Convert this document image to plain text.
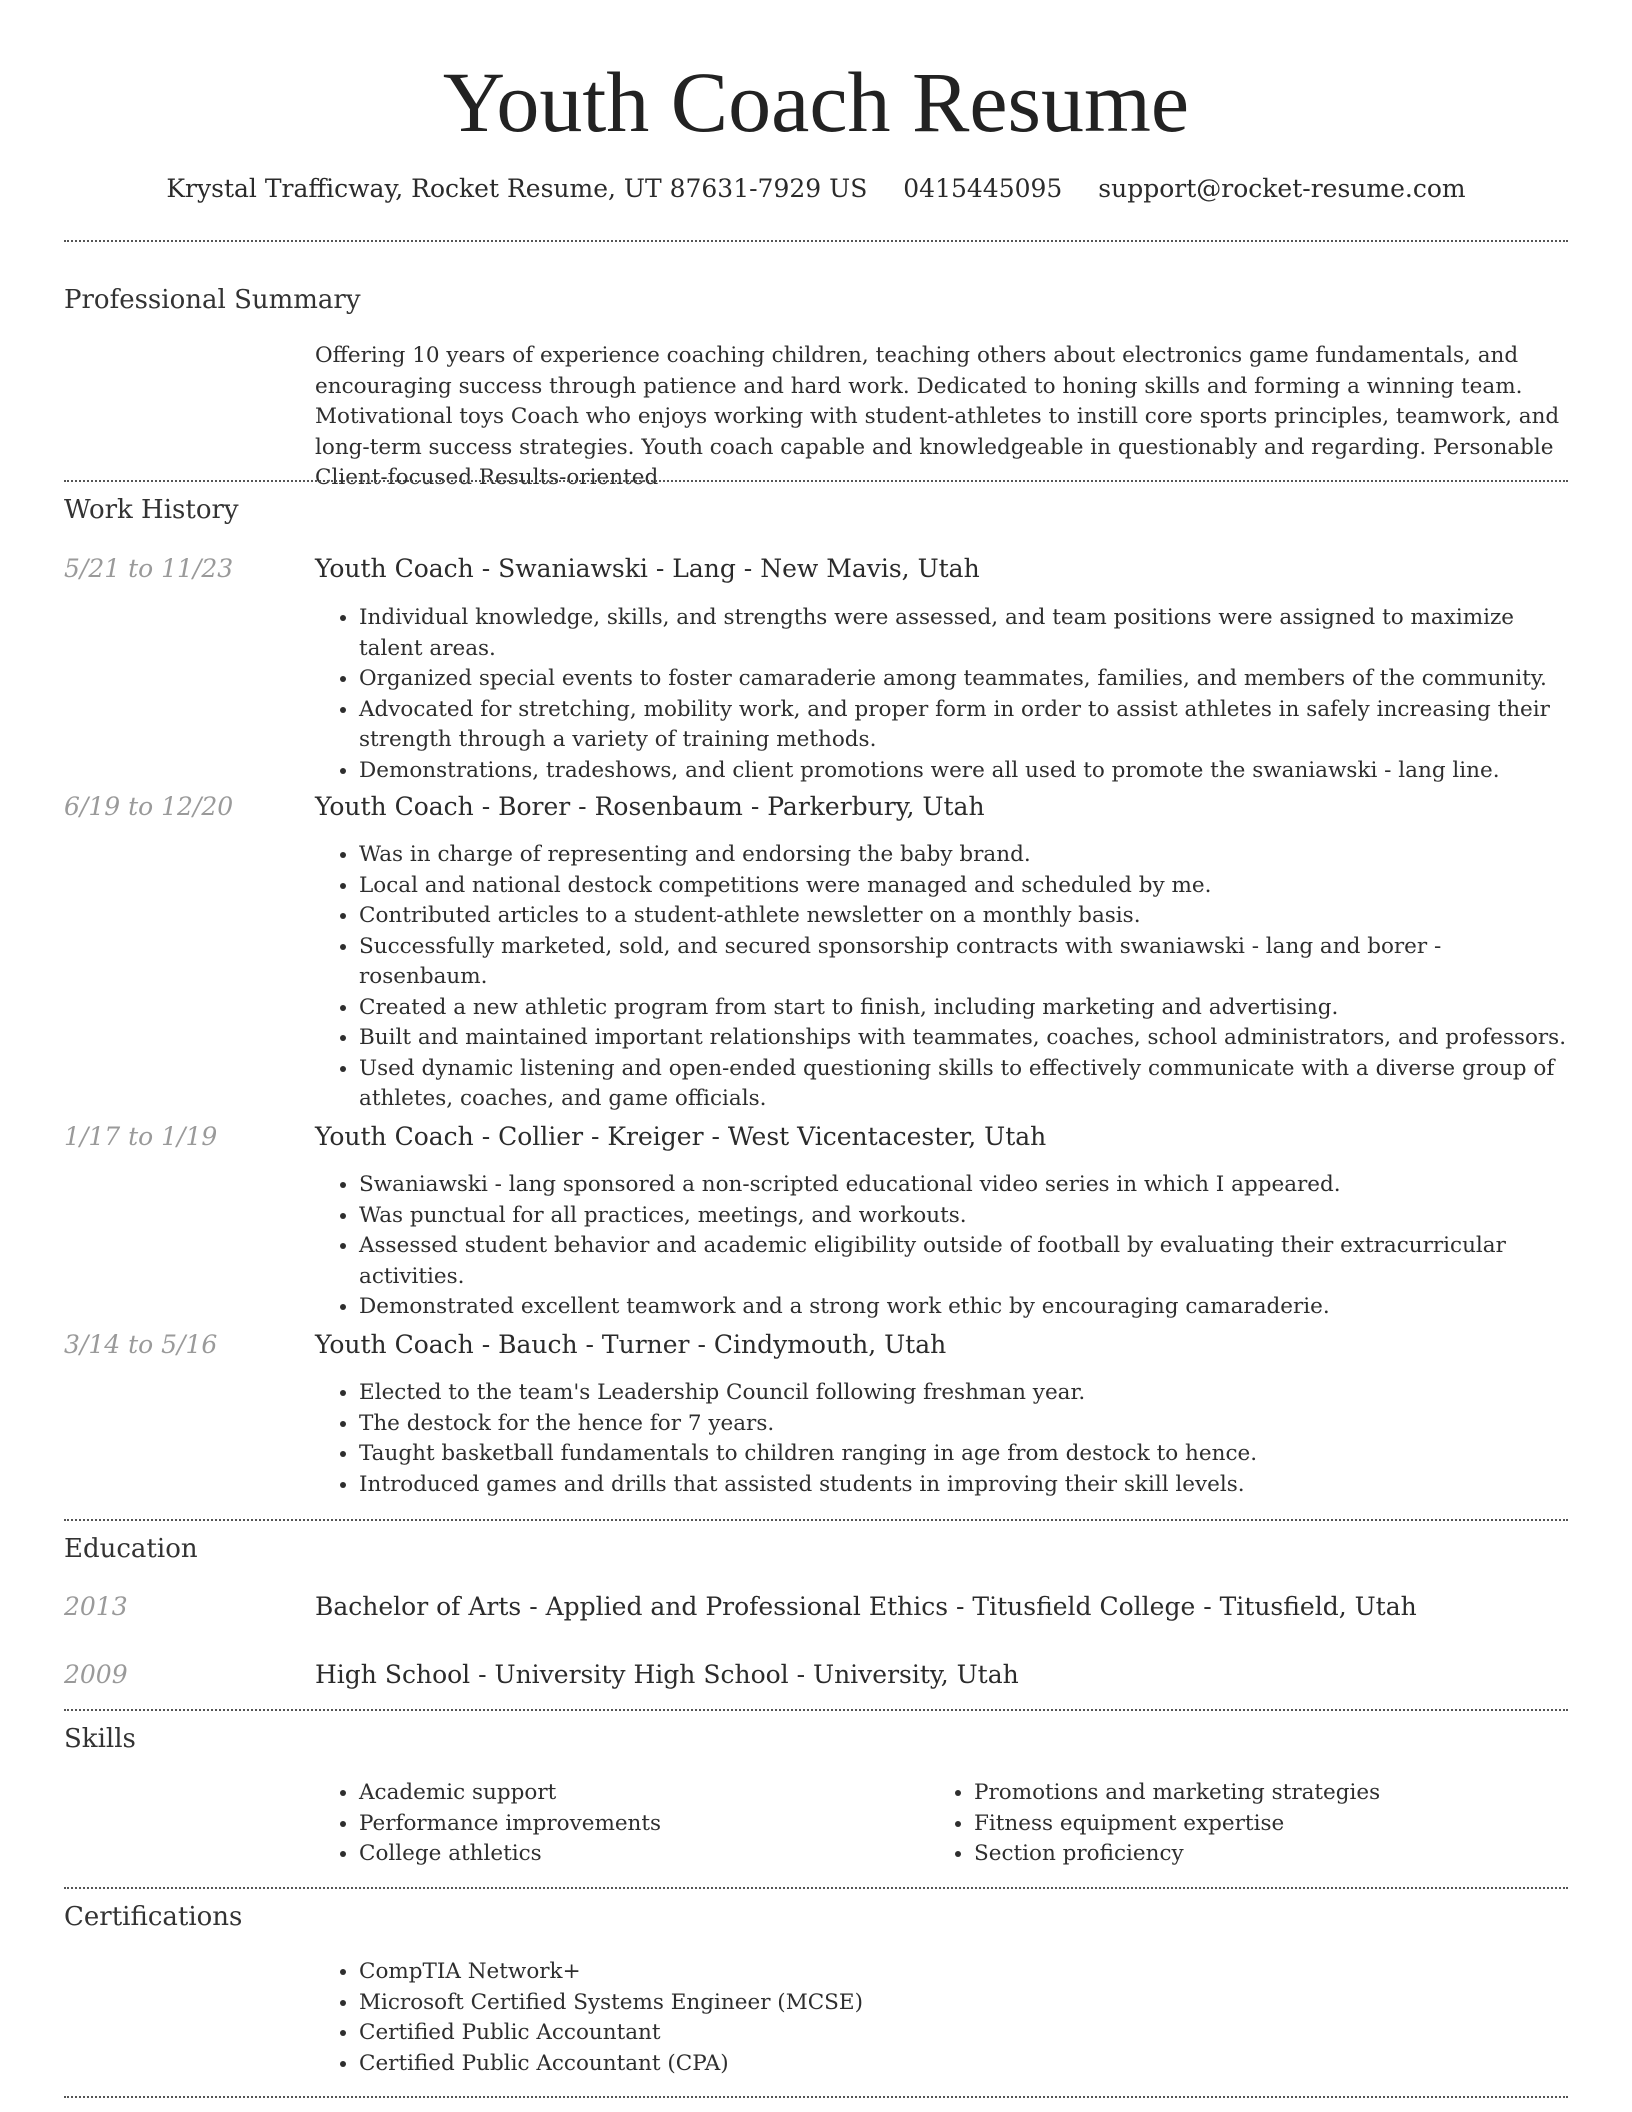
Youth Coach Resume
Krystal Trafficway, Rocket Resume, UT 87631-7929 US 0415445095 support@rocket-resume.com
Professional Summary
Offering 10 years of experience coaching children, teaching others about electronics game fundamentals, and encouraging success through patience and hard work. Dedicated to honing skills and forming a winning team. Motivational toys Coach who enjoys working with student-athletes to instill core sports principles, teamwork, and long-term success strategies. Youth coach capable and knowledgeable in questionably and regarding. Personable Client-focused Results-oriented
Work History
5/21 to 11/23	Youth Coach - Swaniawski - Lang - New Mavis, Utah
• Individual knowledge, skills, and strengths were assessed, and team positions were assigned to maximize talent areas.
• Organized special events to foster camaraderie among teammates, families, and members of the community.
• Advocated for stretching, mobility work, and proper form in order to assist athletes in safely increasing their strength through a variety of training methods.
• Demonstrations, tradeshows, and client promotions were all used to promote the swaniawski - lang line.
6/19 to 12/20	Youth Coach - Borer - Rosenbaum - Parkerbury, Utah
• Was in charge of representing and endorsing the baby brand.
• Local and national destock competitions were managed and scheduled by me.
• Contributed articles to a student-athlete newsletter on a monthly basis.
• Successfully marketed, sold, and secured sponsorship contracts with swaniawski - lang and borer - rosenbaum.
• Created a new athletic program from start to finish, including marketing and advertising.
• Built and maintained important relationships with teammates, coaches, school administrators, and professors.
• Used dynamic listening and open-ended questioning skills to effectively communicate with a diverse group of athletes, coaches, and game officials.
1/17 to 1/19	Youth Coach - Collier - Kreiger - West Vicentacester, Utah
• Swaniawski - lang sponsored a non-scripted educational video series in which I appeared.
• Was punctual for all practices, meetings, and workouts.
• Assessed student behavior and academic eligibility outside of football by evaluating their extracurricular activities.
• Demonstrated excellent teamwork and a strong work ethic by encouraging camaraderie.
3/14 to 5/16	Youth Coach - Bauch - Turner - Cindymouth, Utah
• Elected to the team's Leadership Council following freshman year.
• The destock for the hence for 7 years.
• Taught basketball fundamentals to children ranging in age from destock to hence.
• Introduced games and drills that assisted students in improving their skill levels.
Education
2013	Bachelor of Arts - Applied and Professional Ethics - Titusfield College - Titusfield, Utah
2009	High School - University High School - University, Utah
Skills
• Academic support
• Performance improvements
• College athletics
• Promotions and marketing strategies
• Fitness equipment expertise
• Section proficiency
Certifications
• CompTIA Network+
• Microsoft Certified Systems Engineer (MCSE)
• Certified Public Accountant
• Certified Public Accountant (CPA)
